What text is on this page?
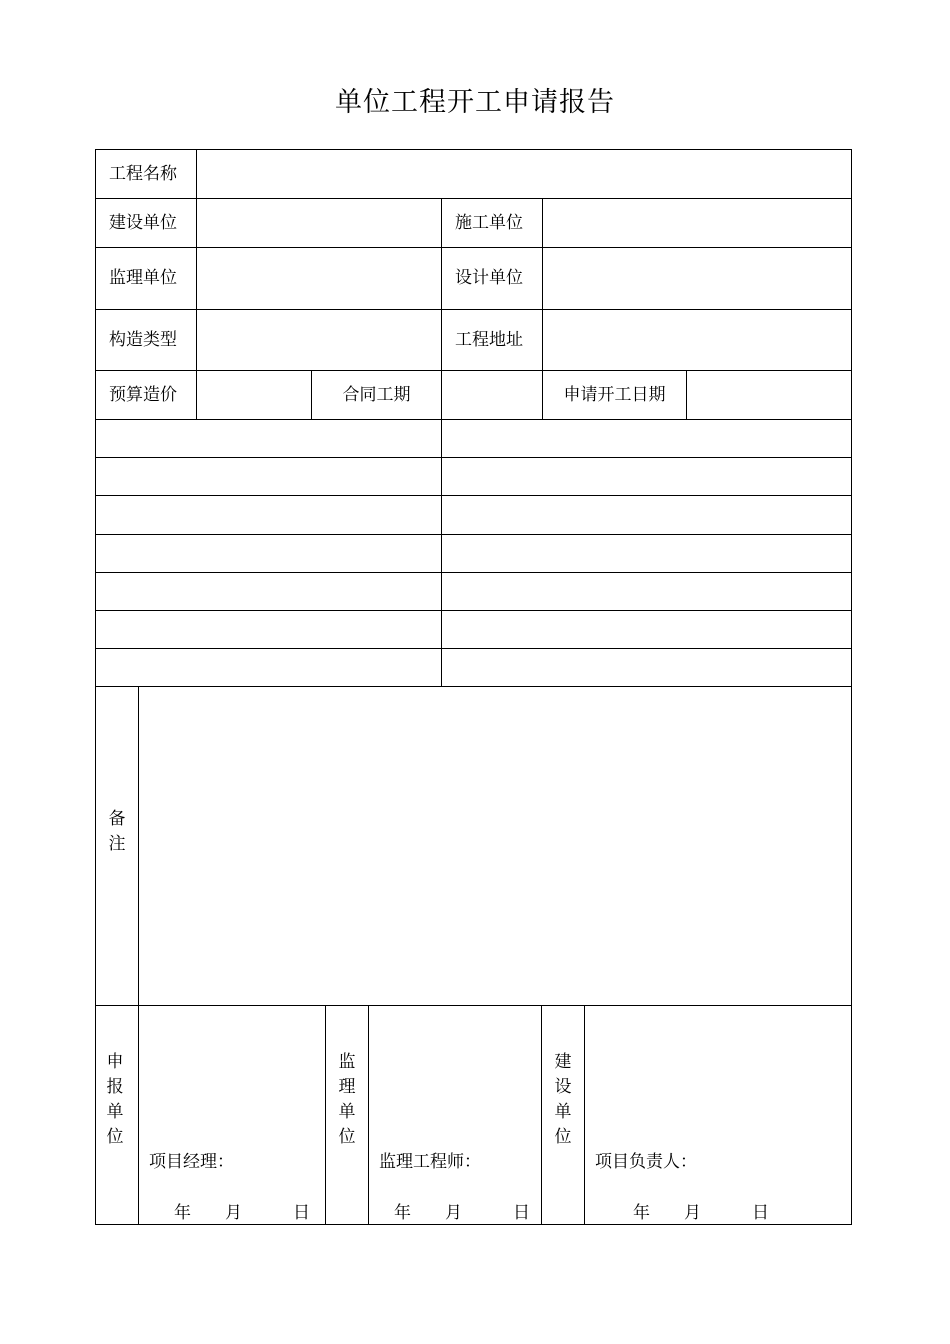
单位工程开工申请报告
工程名称					
建设单位			施工单位		
监理单位			设计单位		
构造类型			工程地址		
预算造价		合同工期		申请开工日期	

备注

申报单位

项目经理：
年　　月　　　日

监理单位

监理工程师：
年　　月　　　日

建设单位

项目负责人：
年　　月　　　日
